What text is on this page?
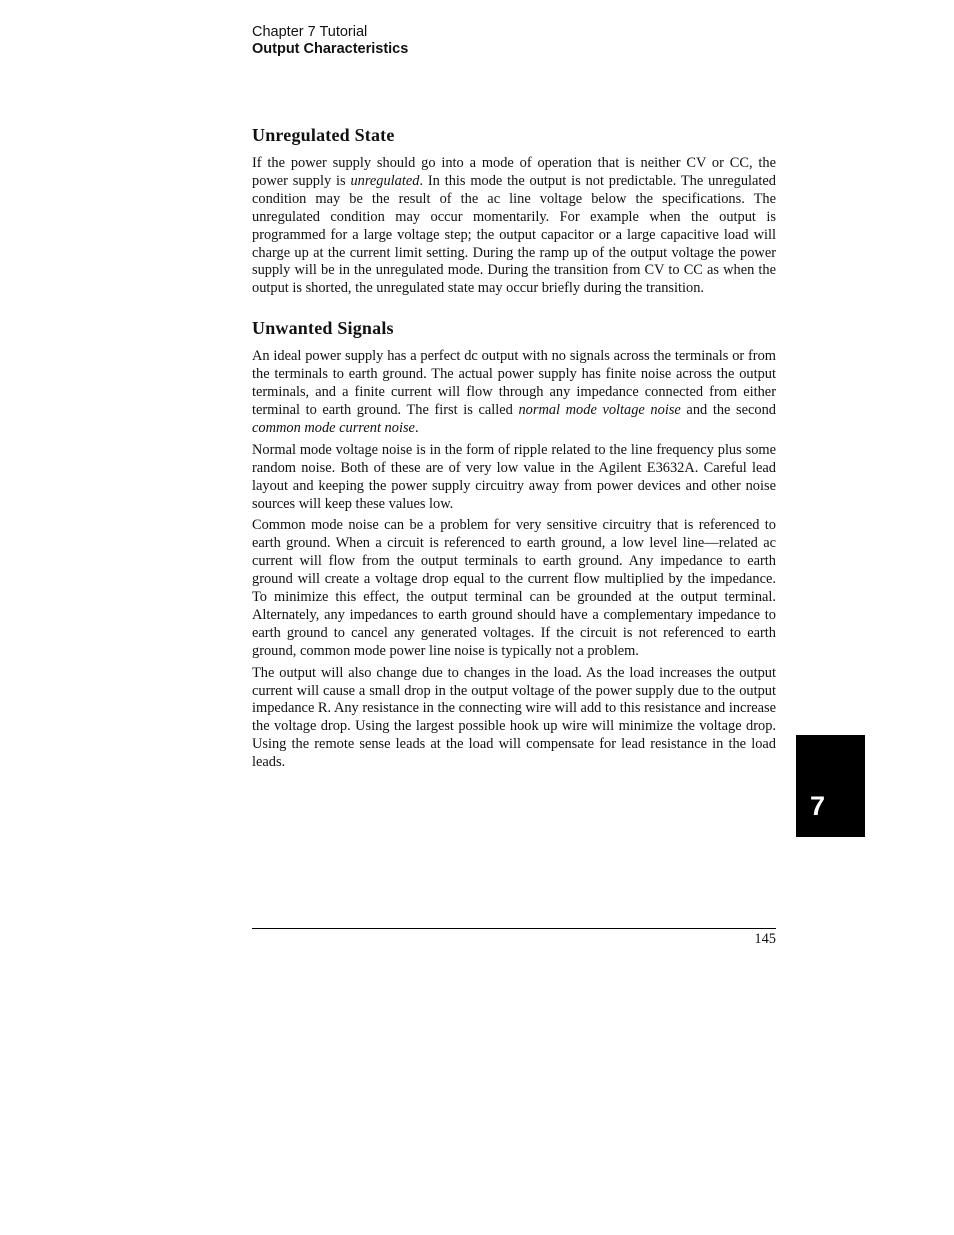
Chapter 7 Tutorial
Output Characteristics
Unregulated State

If the power supply should go into a mode of operation that is neither CV or CC, the power supply is unregulated. In this mode the output is not predictable. The unregulated condition may be the result of the ac line voltage below the specifications. The unregulated condition may occur momentarily. For example when the output is programmed for a large voltage step; the output capacitor or a large capacitive load will charge up at the current limit setting. During the ramp up of the output voltage the power supply will be in the unregulated mode. During the transition from CV to CC as when the output is shorted, the unregulated state may occur briefly during the transition.

Unwanted Signals

An ideal power supply has a perfect dc output with no signals across the terminals or from the terminals to earth ground. The actual power supply has finite noise across the output terminals, and a finite current will flow through any impedance connected from either terminal to earth ground. The first is called normal mode voltage noise and the second common mode current noise.

Normal mode voltage noise is in the form of ripple related to the line frequency plus some random noise. Both of these are of very low value in the Agilent E3632A. Careful lead layout and keeping the power supply circuitry away from power devices and other noise sources will keep these values low.

Common mode noise can be a problem for very sensitive circuitry that is referenced to earth ground. When a circuit is referenced to earth ground, a low level line—related ac current will flow from the output terminals to earth ground. Any impedance to earth ground will create a voltage drop equal to the current flow multiplied by the impedance. To minimize this effect, the output terminal can be grounded at the output terminal. Alternately, any impedances to earth ground should have a complementary impedance to earth ground to cancel any generated voltages. If the circuit is not referenced to earth ground, common mode power line noise is typically not a problem.

The output will also change due to changes in the load. As the load increases the output current will cause a small drop in the output voltage of the power supply due to the output impedance R. Any resistance in the connecting wire will add to this resistance and increase the voltage drop. Using the largest possible hook up wire will minimize the voltage drop. Using the remote sense leads at the load will compensate for lead resistance in the load leads.

7
145
